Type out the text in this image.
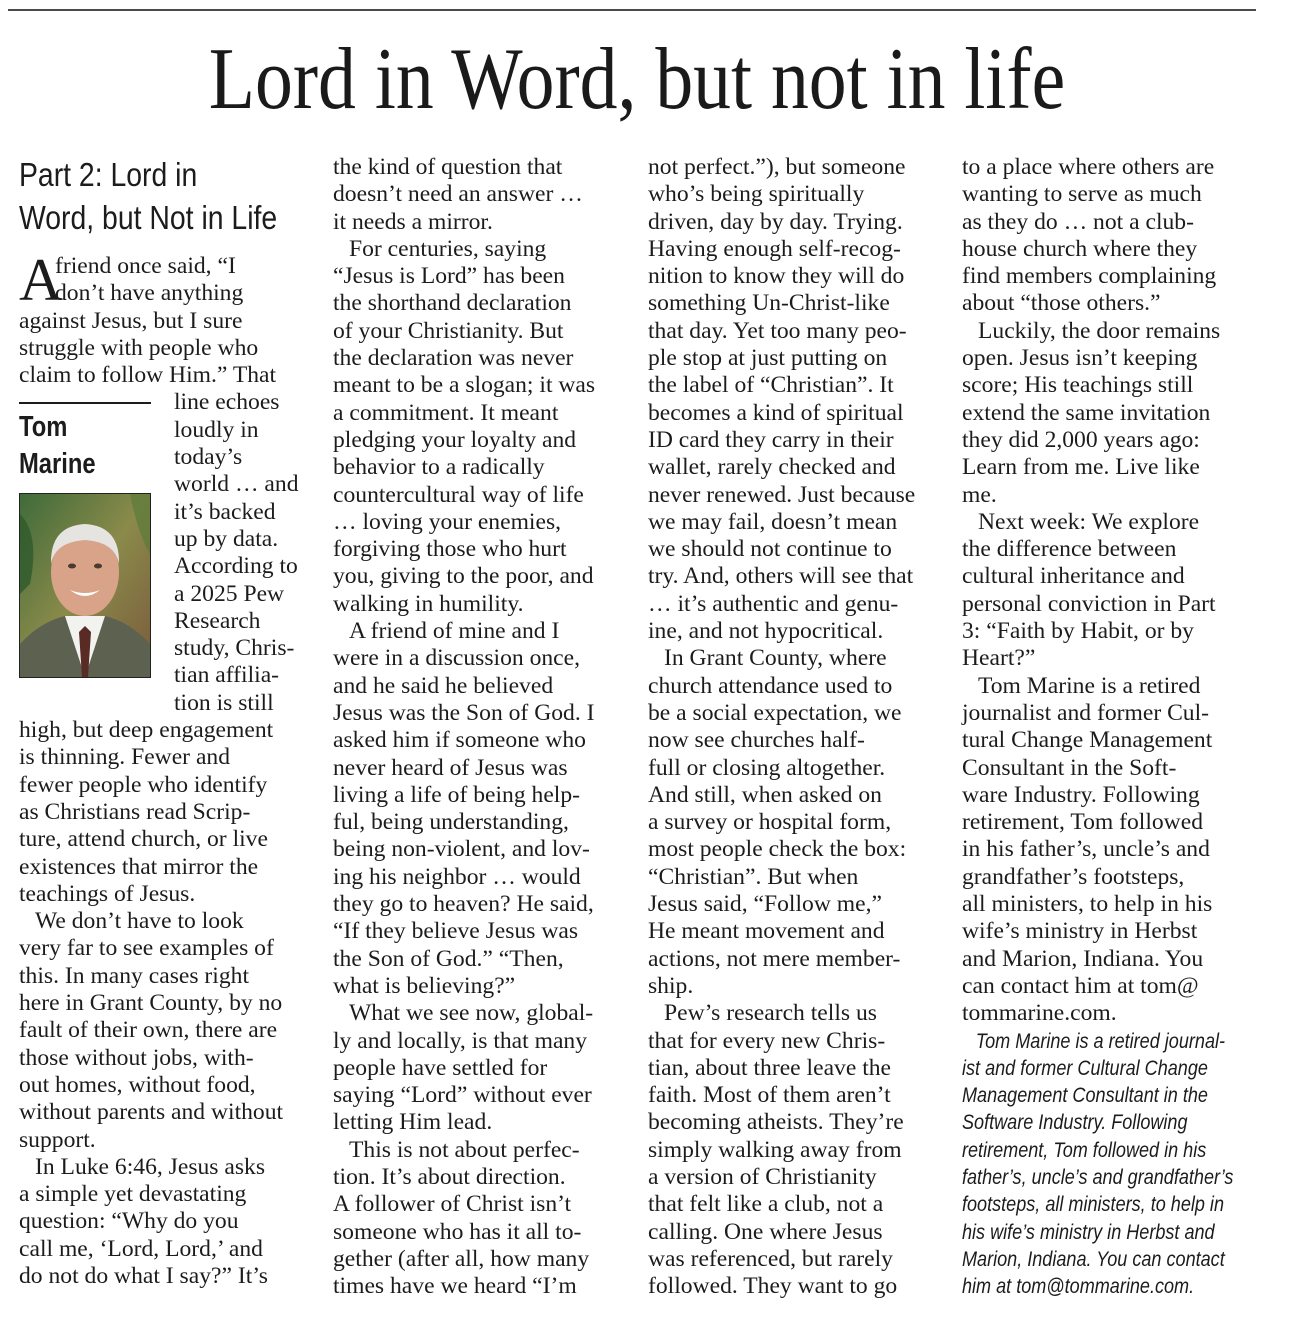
Lord in Word, but not in life
Part 2: Lord in
Word, but Not in Life
A
friend once said, “I
don’t have anything
against Jesus, but I sure
struggle with people who
claim to follow Him.” That
Tom
Marine
line echoes
loudly in
today’s
world … and
it’s backed
up by data.
According to
a 2025 Pew
Research
study, Chris-
tian affilia-
tion is still
high, but deep engagement
is thinning. Fewer and
fewer people who identify
as Christians read Scrip-
ture, attend church, or live
existences that mirror the
teachings of Jesus.
We don’t have to look
very far to see examples of
this. In many cases right
here in Grant County, by no
fault of their own, there are
those without jobs, with-
out homes, without food,
without parents and without
support.
In Luke 6:46, Jesus asks
a simple yet devastating
question: “Why do you
call me, ‘Lord, Lord,’ and
do not do what I say?” It’s
the kind of question that
doesn’t need an answer …
it needs a mirror.
For centuries, saying
“Jesus is Lord” has been
the shorthand declaration
of your Christianity. But
the declaration was never
meant to be a slogan; it was
a commitment. It meant
pledging your loyalty and
behavior to a radically
countercultural way of life
… loving your enemies,
forgiving those who hurt
you, giving to the poor, and
walking in humility.
A friend of mine and I
were in a discussion once,
and he said he believed
Jesus was the Son of God. I
asked him if someone who
never heard of Jesus was
living a life of being help-
ful, being understanding,
being non-violent, and lov-
ing his neighbor … would
they go to heaven? He said,
“If they believe Jesus was
the Son of God.” “Then,
what is believing?”
What we see now, global-
ly and locally, is that many
people have settled for
saying “Lord” without ever
letting Him lead.
This is not about perfec-
tion. It’s about direction.
A follower of Christ isn’t
someone who has it all to-
gether (after all, how many
times have we heard “I’m
not perfect.”), but someone
who’s being spiritually
driven, day by day. Trying.
Having enough self-recog-
nition to know they will do
something Un-Christ-like
that day. Yet too many peo-
ple stop at just putting on
the label of “Christian”. It
becomes a kind of spiritual
ID card they carry in their
wallet, rarely checked and
never renewed. Just because
we may fail, doesn’t mean
we should not continue to
try. And, others will see that
… it’s authentic and genu-
ine, and not hypocritical.
In Grant County, where
church attendance used to
be a social expectation, we
now see churches half-
full or closing altogether.
And still, when asked on
a survey or hospital form,
most people check the box:
“Christian”. But when
Jesus said, “Follow me,”
He meant movement and
actions, not mere member-
ship.
Pew’s research tells us
that for every new Chris-
tian, about three leave the
faith. Most of them aren’t
becoming atheists. They’re
simply walking away from
a version of Christianity
that felt like a club, not a
calling. One where Jesus
was referenced, but rarely
followed. They want to go
to a place where others are
wanting to serve as much
as they do … not a club-
house church where they
find members complaining
about “those others.”
Luckily, the door remains
open. Jesus isn’t keeping
score; His teachings still
extend the same invitation
they did 2,000 years ago:
Learn from me. Live like
me.
Next week: We explore
the difference between
cultural inheritance and
personal conviction in Part
3: “Faith by Habit, or by
Heart?”
Tom Marine is a retired
journalist and former Cul-
tural Change Management
Consultant in the Soft-
ware Industry. Following
retirement, Tom followed
in his father’s, uncle’s and
grandfather’s footsteps,
all ministers, to help in his
wife’s ministry in Herbst
and Marion, Indiana. You
can contact him at tom@
tommarine.com.
Tom Marine is a retired journal-
ist and former Cultural Change
Management Consultant in the
Software Industry. Following
retirement, Tom followed in his
father’s, uncle’s and grandfather’s
footsteps, all ministers, to help in
his wife’s ministry in Herbst and
Marion, Indiana. You can contact
him at tom@tommarine.com.
